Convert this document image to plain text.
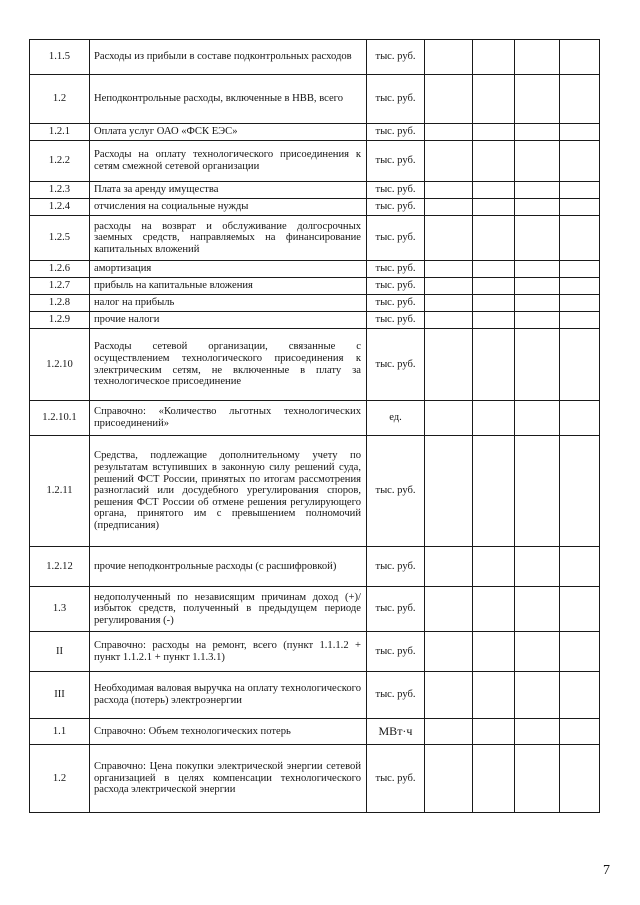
1.1.5	Расходы из прибыли в составе подконтрольных расходов	тыс. руб.				
1.2	Неподконтрольные расходы, включенные в НВВ, всего	тыс. руб.				
1.2.1	Оплата услуг ОАО «ФСК ЕЭС»	тыс. руб.				
1.2.2	Расходы на оплату технологического присоединения к сетям смежной сетевой организации	тыс. руб.				
1.2.3	Плата за аренду имущества	тыс. руб.				
1.2.4	отчисления на социальные нужды	тыс. руб.				
1.2.5	расходы на возврат и обслуживание долгосрочных заемных средств, направляемых на финансирование капитальных вложений	тыс. руб.				
1.2.6	амортизация	тыс. руб.				
1.2.7	прибыль на капитальные вложения	тыс. руб.				
1.2.8	налог на прибыль	тыс. руб.				
1.2.9	прочие налоги	тыс. руб.				
1.2.10	Расходы сетевой организации, связанные с осуществлением технологического присоединения к электрическим сетям, не включенные в плату за технологическое присоединение	тыс. руб.				
1.2.10.1	Справочно: «Количество льготных технологических присоединений»	ед.				
1.2.11	Средства, подлежащие дополнительному учету по результатам вступивших в законную силу решений суда, решений ФСТ России, принятых по итогам рассмотрения разногласий или досудебного урегулирования споров, решения ФСТ России об отмене решения регулирующего органа, принятого им с превышением полномочий (предписания)	тыс. руб.				
1.2.12	прочие неподконтрольные расходы (с расшифровкой)	тыс. руб.				
1.3	недополученный по независящим причинам доход (+)/избыток средств, полученный в предыдущем периоде регулирования (-)	тыс. руб.				
II	Справочно: расходы на ремонт, всего (пункт 1.1.1.2 + пункт 1.1.2.1 + пункт 1.1.3.1)	тыс. руб.				
III	Необходимая валовая выручка на оплату технологического расхода (потерь) электроэнергии	тыс. руб.				
1.1	Справочно: Объем технологических потерь	МВт·ч				
1.2	Справочно: Цена покупки электрической энергии сетевой организацией в целях компенсации технологического расхода электрической энергии	тыс. руб.				
7
